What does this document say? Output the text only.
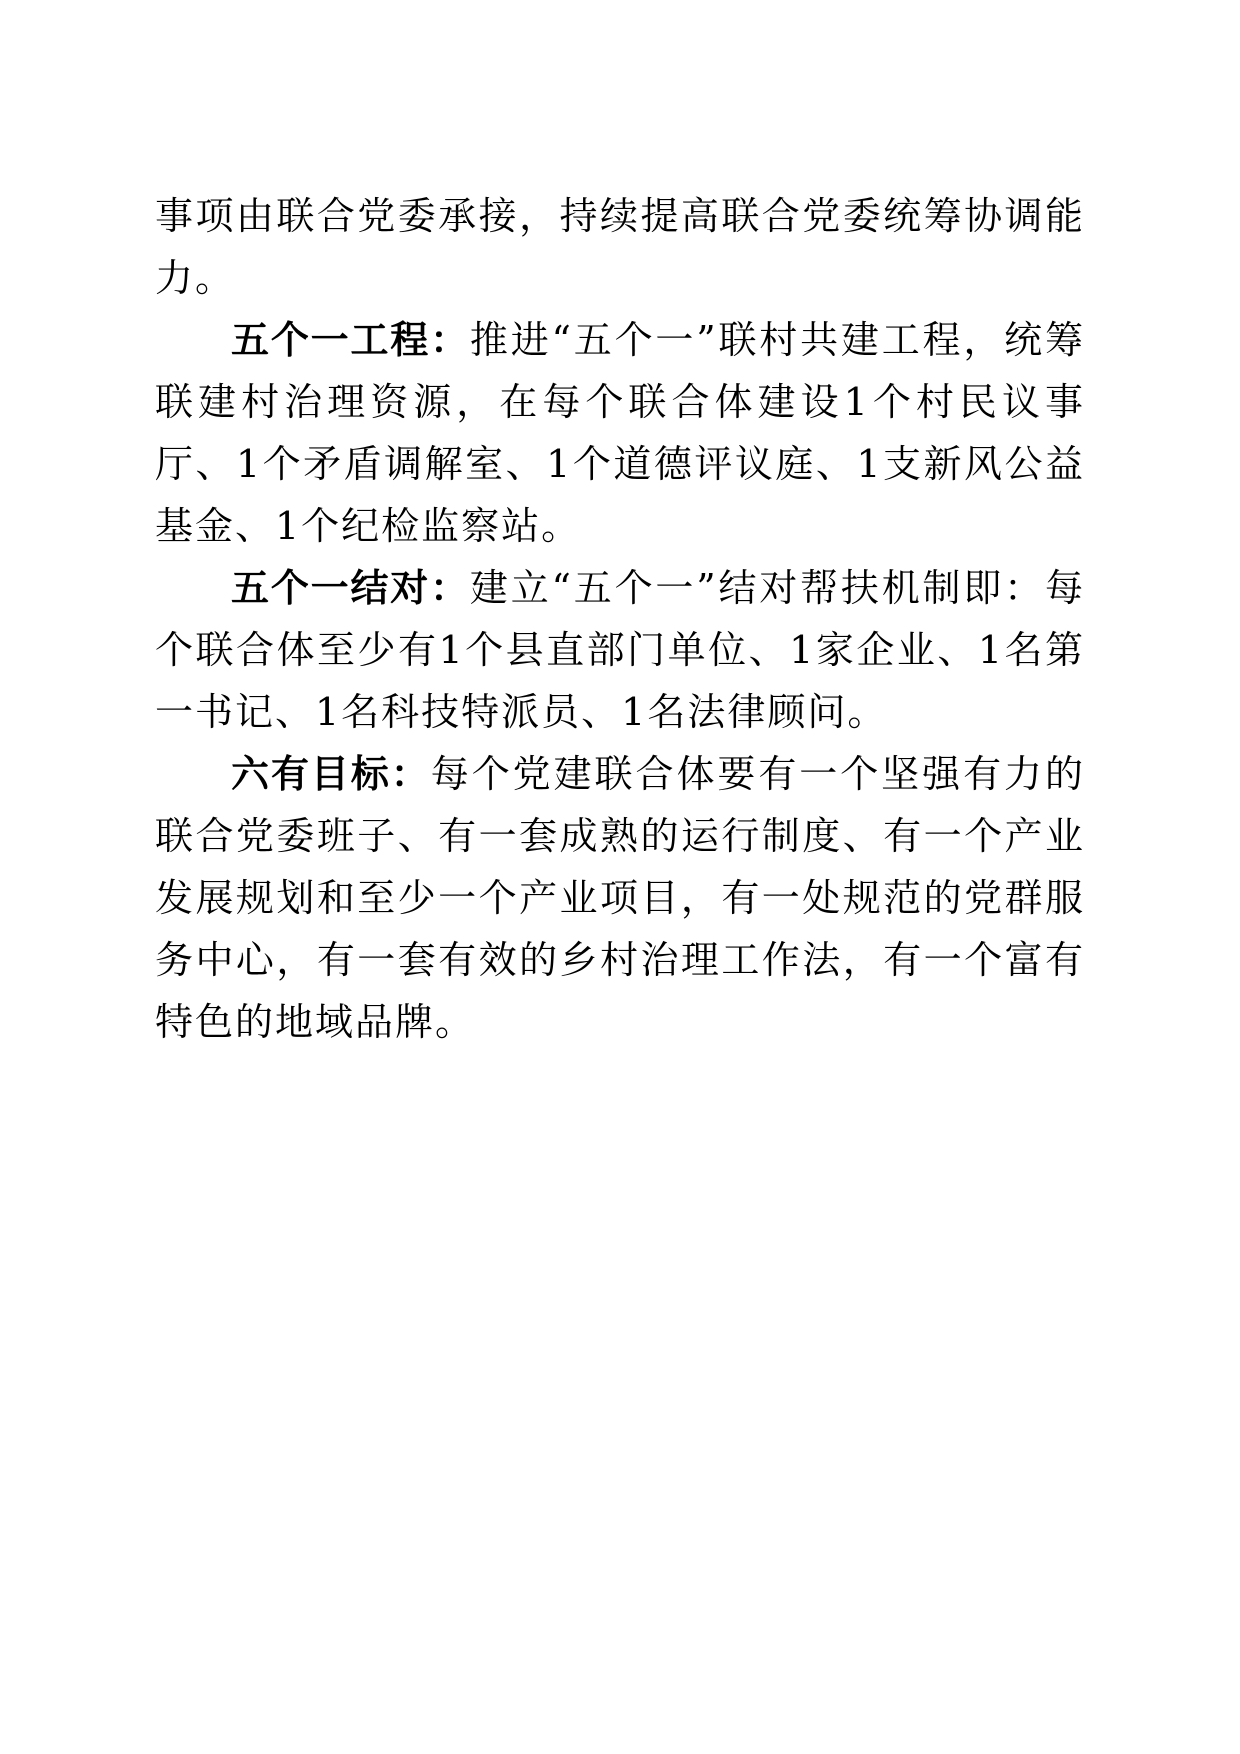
事项由联合党委承接，持续提高联合党委统筹协调能力。

五个一工程：推进“五个一”联村共建工程，统筹联建村治理资源，在每个联合体建设1个村民议事厅、1个矛盾调解室、1个道德评议庭、1支新风公益基金、1个纪检监察站。

五个一结对：建立“五个一”结对帮扶机制即：每个联合体至少有1个县直部门单位、1家企业、1名第一书记、1名科技特派员、1名法律顾问。

六有目标：每个党建联合体要有一个坚强有力的联合党委班子、有一套成熟的运行制度、有一个产业发展规划和至少一个产业项目，有一处规范的党群服务中心，有一套有效的乡村治理工作法，有一个富有特色的地域品牌。
